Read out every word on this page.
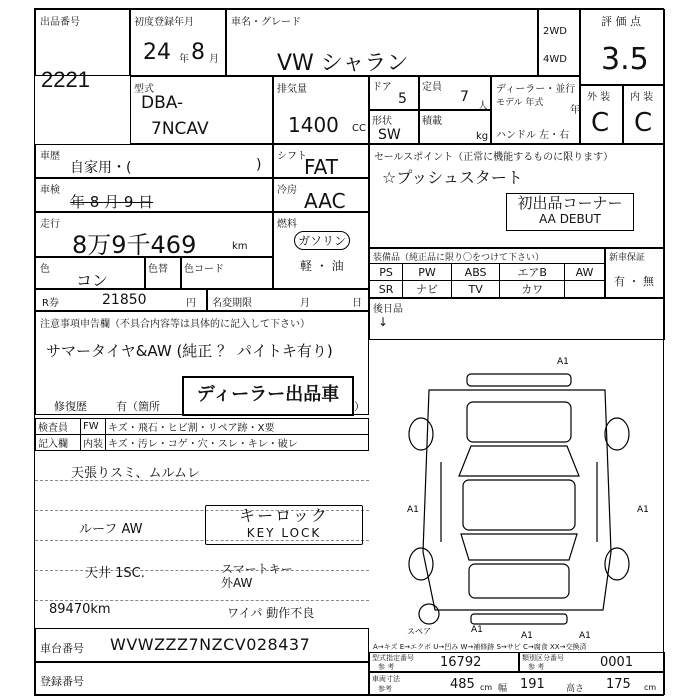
出品番号
2221
初度登録年月
24 年 8 月
車名・グレード
VW シャラン
2WD
4WD
評 価 点
3.5
型式
DBA-
7NCAV
排気量
1400 CC
ドア
5
定員
7
人
形状
SW
積載
kg
ディーラー・並行
モデル 年式
年
ハンドル 左・右
外 装
C
内 装
C
車歴
自家用・(	)
シフト
FAT	セールスポイント（正常に機能するものに限ります）
☆プッシュスタート
初出品コーナー
AA DEBUT
車検
年 8 月 9 日
冷房 AAC
走行
8万9千469	km
燃料
ガソリン
軽 ・ 油
色
コン
色替 色コード
装備品（純正品に限り〇をつけて下さい）
PS	PW	ABS	エアB	AW
SR	ナビ	TV	カワ	
新車保証
有 ・ 無
R券	21850	円 名変期限	月	日
後日品
↓
注意事項申告欄（不具合内容等は具体的に記入して下さい）
サマータイヤ&AW (純正 ？ パイトキ有り)
修復歴	有（箇所	）
ディーラー出品車
検査員	FW	キズ・飛石・ヒビ割・リペア跡・X要
記入欄	内装	キズ・汚レ・コゲ・穴・スレ・キレ・破レ
天張りスミ、ムルムレ
ルーフ AW
天井 1SC.	スマートキー 外AW
89470km	ワイパ 動作不良
キーロック
KEY LOCK
A1
A1	A1
A1
A1	A1
スペア
A→キズ E→エクボ U→凹み W→補修跡 S→サビ C→腐食 XX→交換済
車台番号 WVWZZZ7NZCV028437
登録番号
型式指定番号
参 考	16792	類別区分番号
参 考	0001
車両寸法
参考	485 cm 幅 191 高さ 175 cm
